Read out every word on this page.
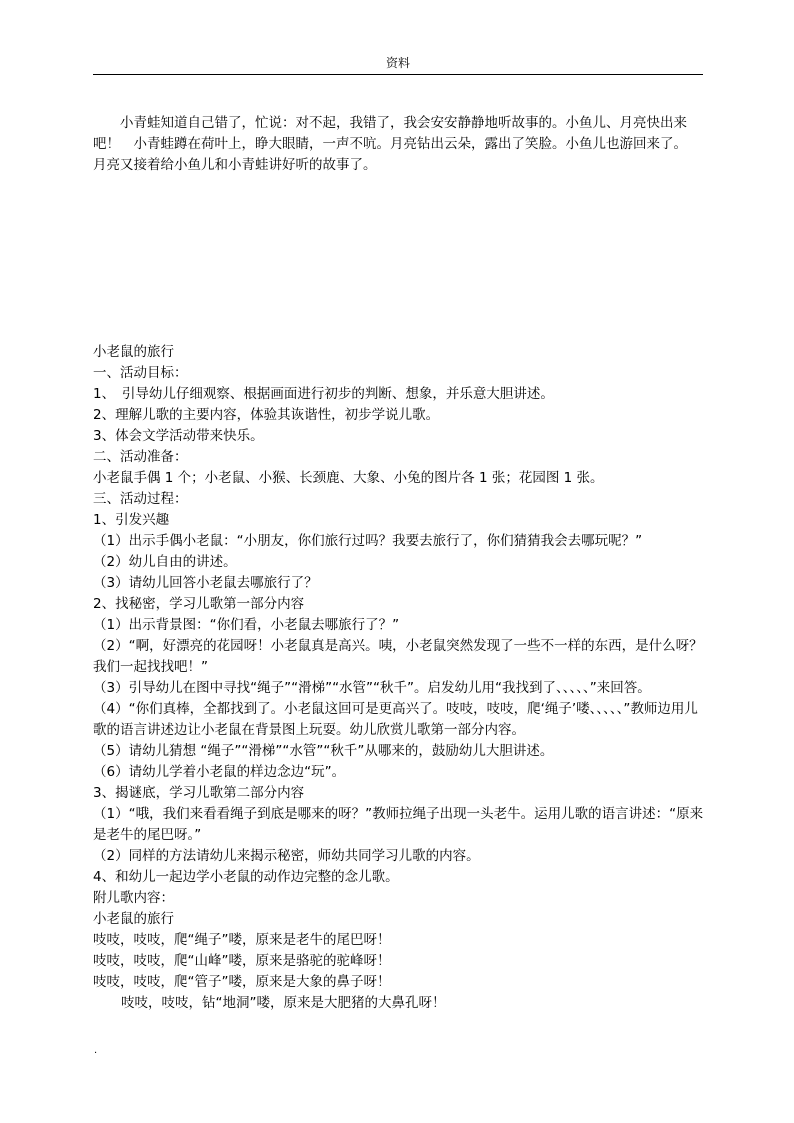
资料

小青蛙知道自己错了，忙说：对不起，我错了，我会安安静静地听故事的。小鱼儿、月亮快出来吧！　小青蛙蹲在荷叶上，睁大眼睛，一声不吭。月亮钻出云朵，露出了笑脸。小鱼儿也游回来了。

月亮又接着给小鱼儿和小青蛙讲好听的故事了。

小老鼠的旅行

一、活动目标：

1、　引导幼儿仔细观察、根据画面进行初步的判断、想象，并乐意大胆讲述。

2、理解儿歌的主要内容，体验其诙谐性，初步学说儿歌。

3、体会文学活动带来快乐。

二、活动准备：

小老鼠手偶 1 个；小老鼠、小猴、长颈鹿、大象、小兔的图片各 1 张；花园图 1 张。

三、活动过程：

1、引发兴趣

（1）出示手偶小老鼠：“小朋友，你们旅行过吗？我要去旅行了，你们猜猜我会去哪玩呢？”

（2）幼儿自由的讲述。

（3）请幼儿回答小老鼠去哪旅行了？

2、找秘密，学习儿歌第一部分内容

（1）出示背景图：“你们看，小老鼠去哪旅行了？”

（2）“啊，好漂亮的花园呀！小老鼠真是高兴。咦，小老鼠突然发现了一些不一样的东西，是什么呀？我们一起找找吧！”

（3）引导幼儿在图中寻找“绳子”“滑梯”“水管”“秋千”。启发幼儿用“我找到了、、、、、”来回答。

（4）“你们真棒，全都找到了。小老鼠这回可是更高兴了。吱吱，吱吱，爬‘绳子’喽、、、、、”教师边用儿歌的语言讲述边让小老鼠在背景图上玩耍。幼儿欣赏儿歌第一部分内容。

（5）请幼儿猜想 “绳子”“滑梯”“水管”“秋千”从哪来的，鼓励幼儿大胆讲述。

（6）请幼儿学着小老鼠的样边念边“玩”。

3、揭谜底，学习儿歌第二部分内容

（1）“哦，我们来看看绳子到底是哪来的呀？”教师拉绳子出现一头老牛。运用儿歌的语言讲述：“原来是老牛的尾巴呀。”

（2）同样的方法请幼儿来揭示秘密，师幼共同学习儿歌的内容。

4、和幼儿一起边学小老鼠的动作边完整的念儿歌。

附儿歌内容：

小老鼠的旅行

吱吱，吱吱，爬“绳子”喽，原来是老牛的尾巴呀！

吱吱，吱吱，爬“山峰”喽，原来是骆驼的驼峰呀！

吱吱，吱吱，爬“管子”喽，原来是大象的鼻子呀！

吱吱，吱吱，钻“地洞”喽，原来是大肥猪的大鼻孔呀！

.
